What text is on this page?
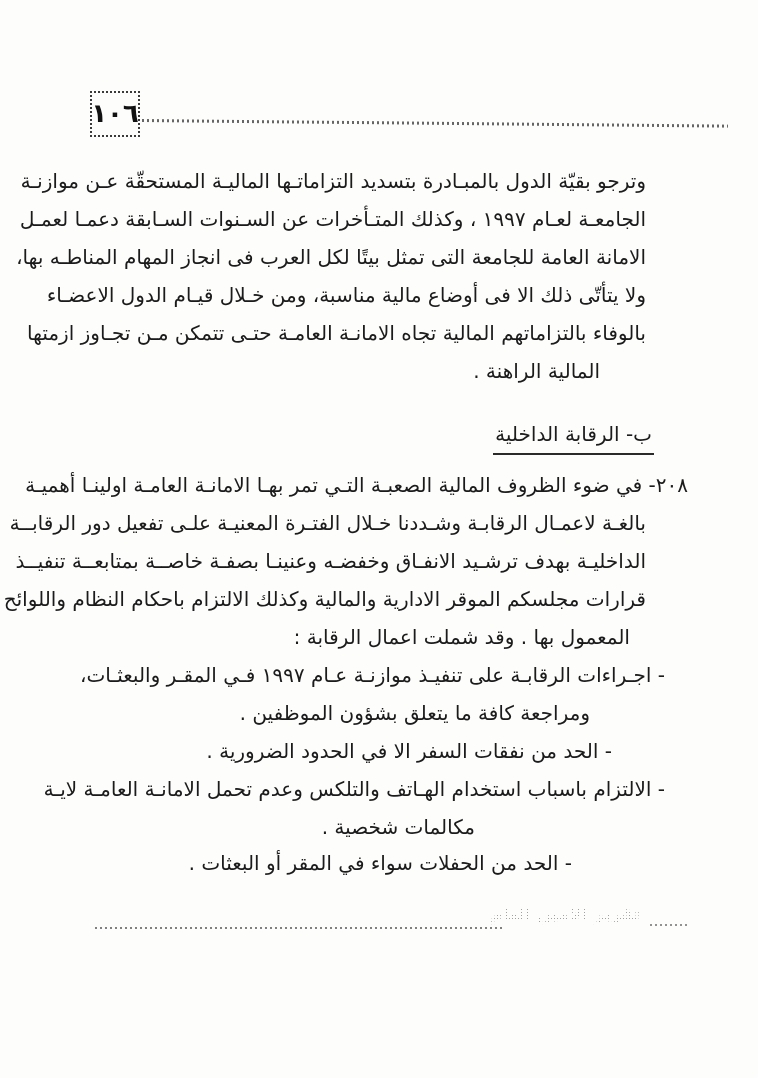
١٠٦
وترجو بقيّة الدول بالمبـادرة بتسديد التزاماتـها الماليـة المستحقّة عـن موازنـة
الجامعـة لعـام ١٩٩٧ ، وكذلك المتـأخرات عن السـنوات السـابقة دعمـا لعمـل
الامانة العامة للجامعة التى تمثل بيتًا لكل العرب فى انجاز المهام المناطـه بها،
ولا يتأتّى ذلك الا فى أوضاع مالية مناسبة، ومن خـلال قيـام الدول الاعضـاء
بالوفاء بالتزاماتهم المالية تجاه الامانـة العامـة حتـى تتمكن مـن تجـاوز ازمتها
المالية الراهنة .
ب- الرقابة الداخلية
٢٠٨- في ضوء الظروف المالية الصعبـة التـي تمر بهـا الامانـة العامـة اولينـا أهميـة
بالغـة لاعمـال الرقابـة وشـددنا خـلال الفتـرة المعنيـة علـى تفعيل دور الرقابــة
الداخليـة بهدف ترشـيد الانفـاق وخفضـه وعنينـا بصفـة خاصــة بمتابعــة تنفيــذ
قرارات مجلسكم الموقر الادارية والمالية وكذلك الالتزام باحكام النظام واللوائح
المعمول بها . وقد شملت اعمال الرقابة :
- اجـراءات الرقابـة على تنفيـذ موازنـة عـام ١٩٩٧ فـي المقـر والبعثـات،
ومراجعة كافة ما يتعلق بشؤون الموظفين .
- الحد من نفقات السفر الا في الحدود الضرورية .
- الالتزام باسباب استخدام الهـاتف والتلكس وعدم تحمل الامانـة العامـة لايـة
مكالمات شخصية .
- الحد من الحفلات سواء في المقر أو البعثات .
تقرير الامين العام
